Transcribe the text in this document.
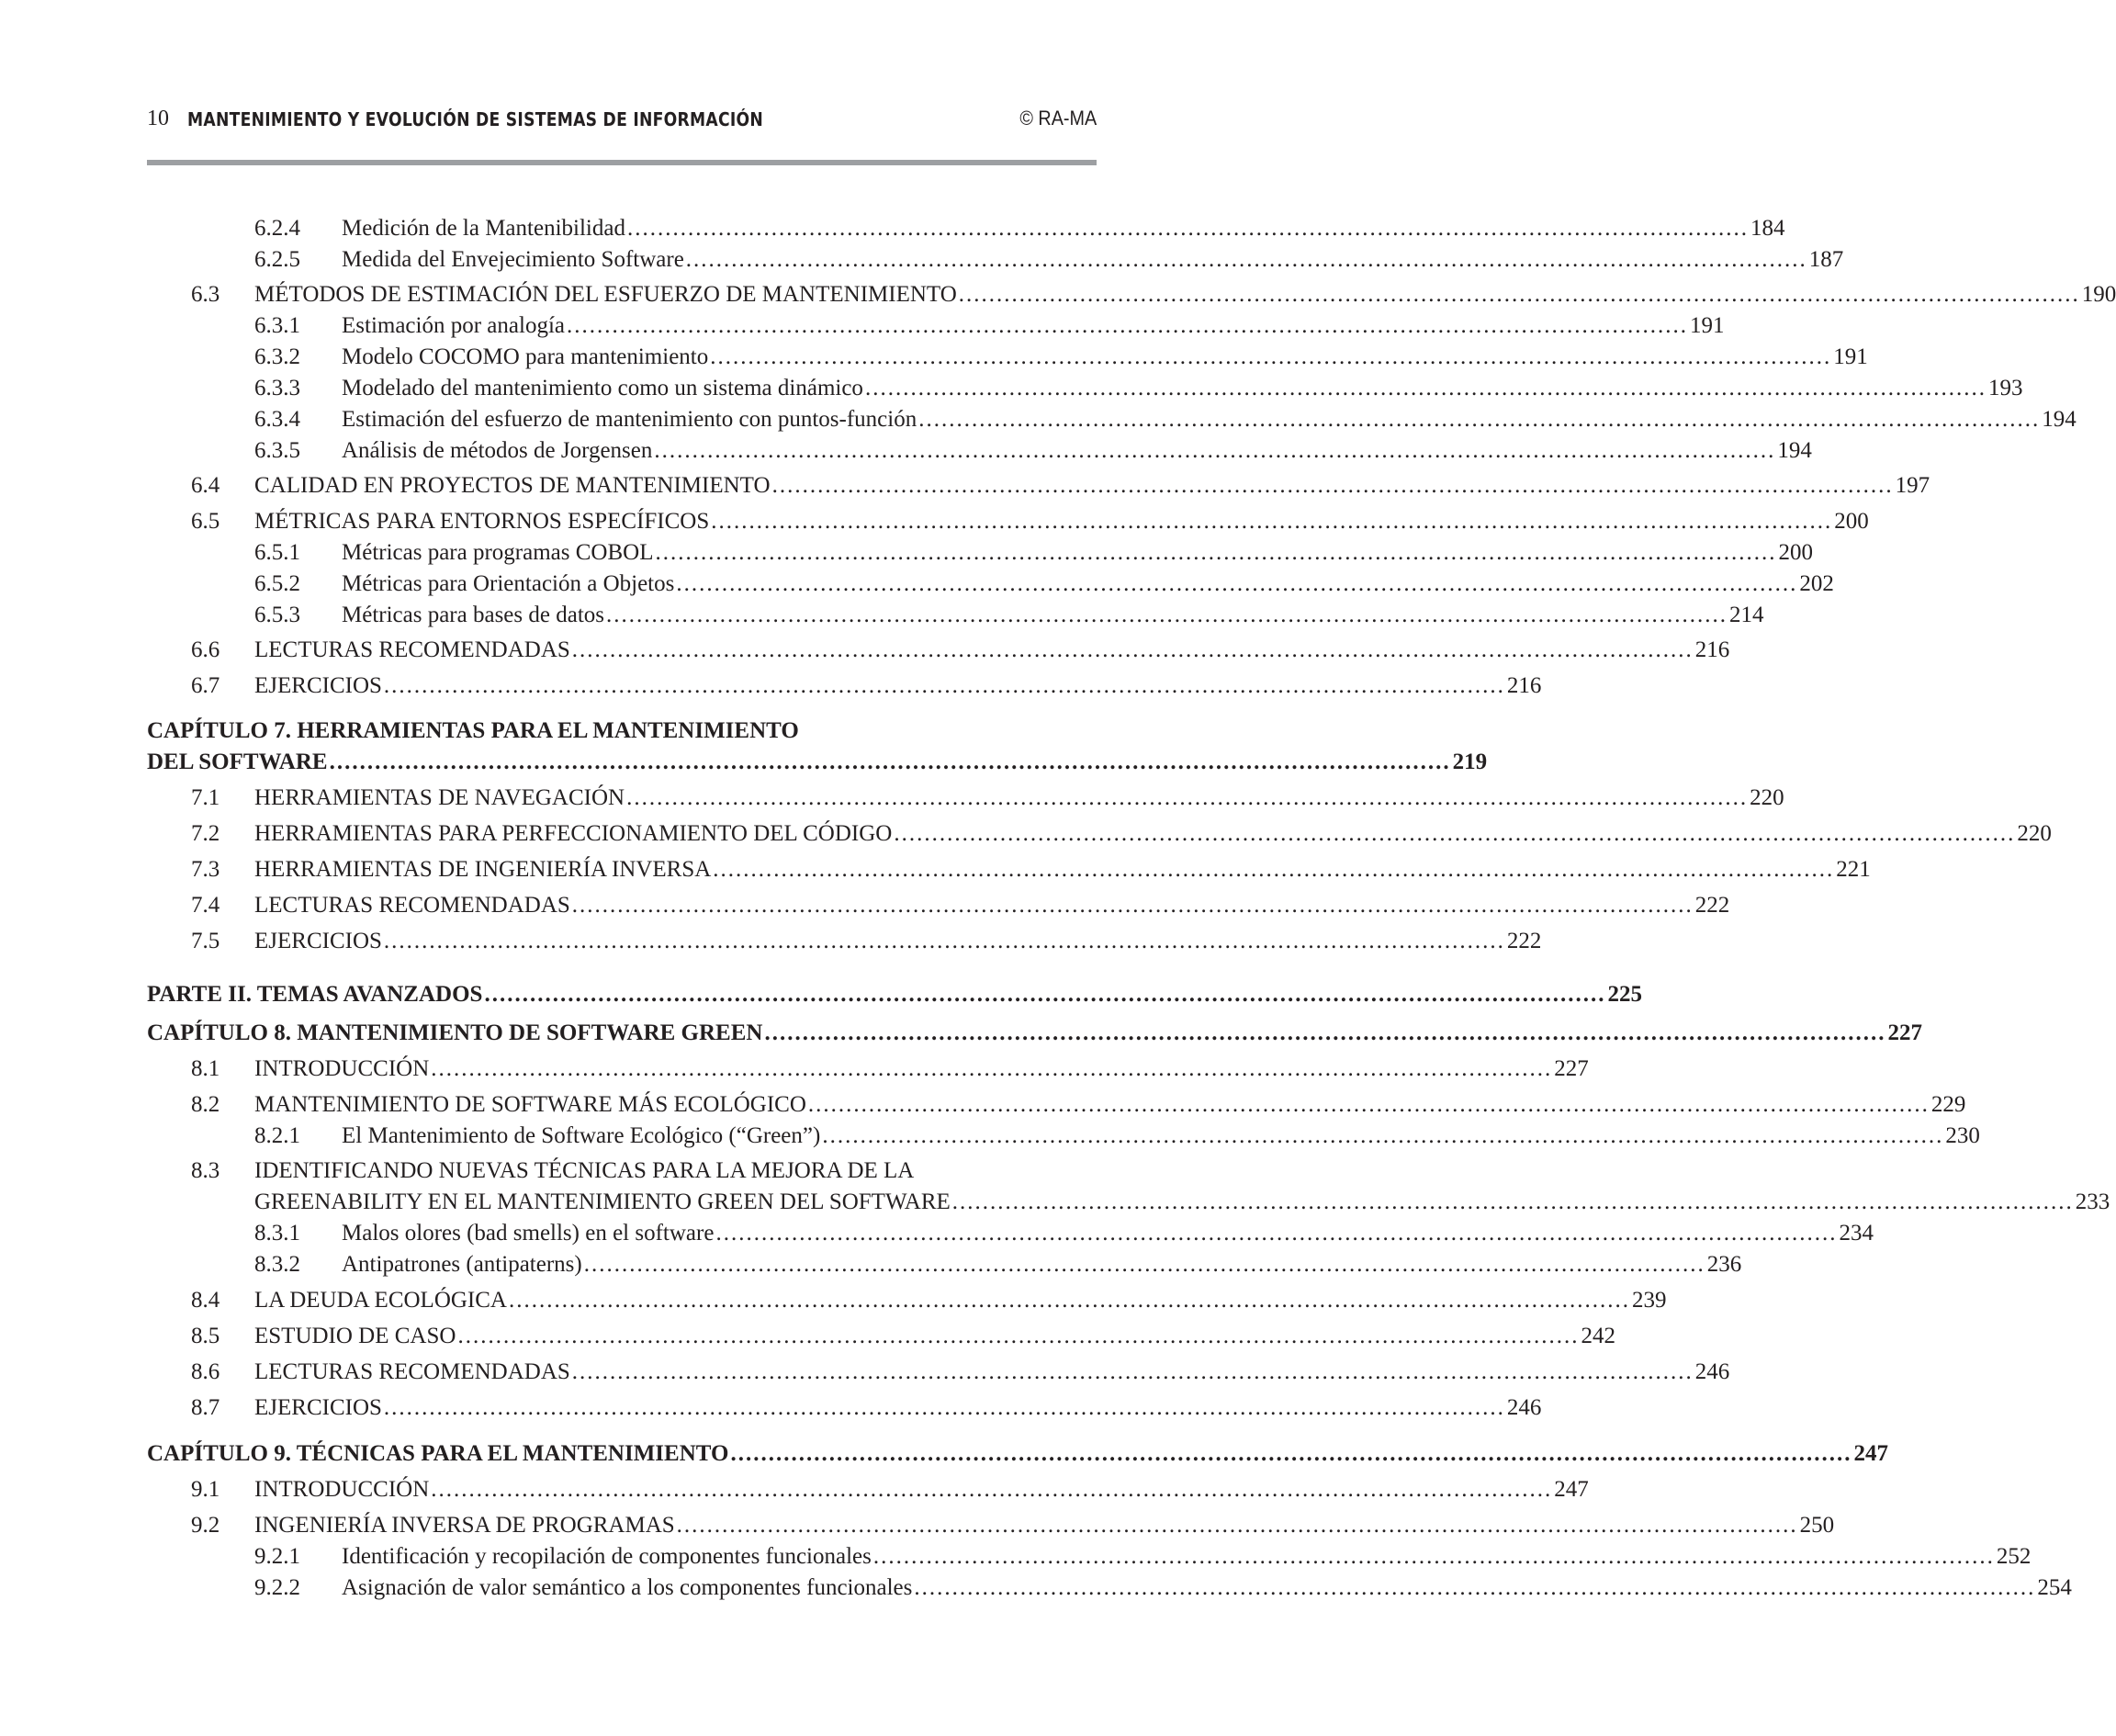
10 MANTENIMIENTO Y EVOLUCIÓN DE SISTEMAS DE INFORMACIÓN	© RA-MA
6.2.4 Medición de la Mantenibilidad .................................................................................................................................................... 184
6.2.5 Medida del Envejecimiento Software .................................................................................................................................................... 187
6.3 MÉTODOS DE ESTIMACIÓN DEL ESFUERZO DE MANTENIMIENTO .................................................................................................................................................... 190
6.3.1 Estimación por analogía .................................................................................................................................................... 191
6.3.2 Modelo COCOMO para mantenimiento .................................................................................................................................................... 191
6.3.3 Modelado del mantenimiento como un sistema dinámico .................................................................................................................................................... 193
6.3.4 Estimación del esfuerzo de mantenimiento con puntos-función .................................................................................................................................................... 194
6.3.5 Análisis de métodos de Jorgensen .................................................................................................................................................... 194
6.4 CALIDAD EN PROYECTOS DE MANTENIMIENTO .................................................................................................................................................... 197
6.5 MÉTRICAS PARA ENTORNOS ESPECÍFICOS .................................................................................................................................................... 200
6.5.1 Métricas para programas COBOL .................................................................................................................................................... 200
6.5.2 Métricas para Orientación a Objetos .................................................................................................................................................... 202
6.5.3 Métricas para bases de datos .................................................................................................................................................... 214
6.6 LECTURAS RECOMENDADAS .................................................................................................................................................... 216
6.7 EJERCICIOS .................................................................................................................................................... 216
CAPÍTULO 7. HERRAMIENTAS PARA EL MANTENIMIENTO
DEL SOFTWARE .................................................................................................................................................... 219
7.1 HERRAMIENTAS DE NAVEGACIÓN .................................................................................................................................................... 220
7.2 HERRAMIENTAS PARA PERFECCIONAMIENTO DEL CÓDIGO .................................................................................................................................................... 220
7.3 HERRAMIENTAS DE INGENIERÍA INVERSA .................................................................................................................................................... 221
7.4 LECTURAS RECOMENDADAS .................................................................................................................................................... 222
7.5 EJERCICIOS .................................................................................................................................................... 222
PARTE II. TEMAS AVANZADOS .................................................................................................................................................... 225
CAPÍTULO 8. MANTENIMIENTO DE SOFTWARE GREEN .................................................................................................................................................... 227
8.1 INTRODUCCIÓN .................................................................................................................................................... 227
8.2 MANTENIMIENTO DE SOFTWARE MÁS ECOLÓGICO .................................................................................................................................................... 229
8.2.1 El Mantenimiento de Software Ecológico (“Green”) .................................................................................................................................................... 230
8.3 IDENTIFICANDO NUEVAS TÉCNICAS PARA LA MEJORA DE LA
GREENABILITY EN EL MANTENIMIENTO GREEN DEL SOFTWARE .................................................................................................................................................... 233
8.3.1 Malos olores (bad smells) en el software .................................................................................................................................................... 234
8.3.2 Antipatrones (antipaterns) .................................................................................................................................................... 236
8.4 LA DEUDA ECOLÓGICA .................................................................................................................................................... 239
8.5 ESTUDIO DE CASO .................................................................................................................................................... 242
8.6 LECTURAS RECOMENDADAS .................................................................................................................................................... 246
8.7 EJERCICIOS .................................................................................................................................................... 246
CAPÍTULO 9. TÉCNICAS PARA EL MANTENIMIENTO .................................................................................................................................................... 247
9.1 INTRODUCCIÓN .................................................................................................................................................... 247
9.2 INGENIERÍA INVERSA DE PROGRAMAS .................................................................................................................................................... 250
9.2.1 Identificación y recopilación de componentes funcionales .................................................................................................................................................... 252
9.2.2 Asignación de valor semántico a los componentes funcionales .................................................................................................................................................... 254
